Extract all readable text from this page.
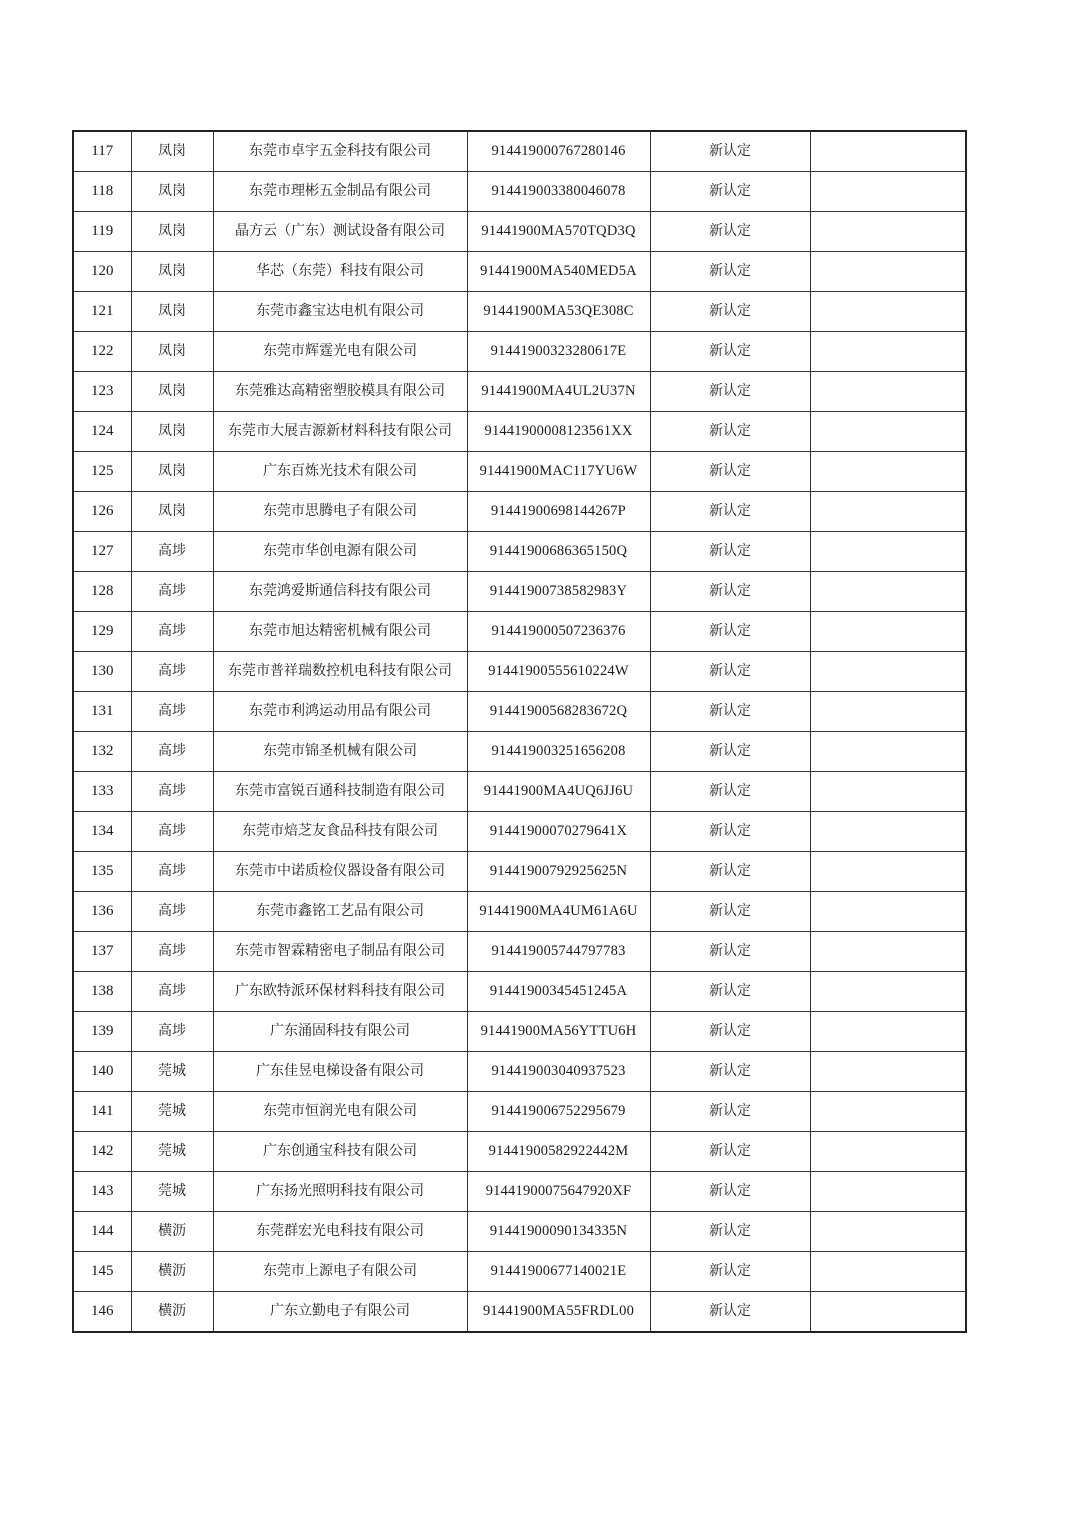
117	凤岗	东莞市卓宇五金科技有限公司	914419000767280146	新认定	
118	凤岗	东莞市理彬五金制品有限公司	914419003380046078	新认定	
119	凤岗	晶方云（广东）测试设备有限公司	91441900MA570TQD3Q	新认定	
120	凤岗	华芯（东莞）科技有限公司	91441900MA540MED5A	新认定	
121	凤岗	东莞市鑫宝达电机有限公司	91441900MA53QE308C	新认定	
122	凤岗	东莞市辉霆光电有限公司	91441900323280617E	新认定	
123	凤岗	东莞雅达高精密塑胶模具有限公司	91441900MA4UL2U37N	新认定	
124	凤岗	东莞市大展吉源新材料科技有限公司	91441900008123561XX	新认定	
125	凤岗	广东百炼光技术有限公司	91441900MAC117YU6W	新认定	
126	凤岗	东莞市思腾电子有限公司	91441900698144267P	新认定	
127	高埗	东莞市华创电源有限公司	91441900686365150Q	新认定	
128	高埗	东莞鸿爱斯通信科技有限公司	91441900738582983Y	新认定	
129	高埗	东莞市旭达精密机械有限公司	914419000507236376	新认定	
130	高埗	东莞市普祥瑞数控机电科技有限公司	91441900555610224W	新认定	
131	高埗	东莞市利鸿运动用品有限公司	91441900568283672Q	新认定	
132	高埗	东莞市锦圣机械有限公司	914419003251656208	新认定	
133	高埗	东莞市富锐百通科技制造有限公司	91441900MA4UQ6JJ6U	新认定	
134	高埗	东莞市焙芝友食品科技有限公司	91441900070279641X	新认定	
135	高埗	东莞市中诺质检仪器设备有限公司	91441900792925625N	新认定	
136	高埗	东莞市鑫铭工艺品有限公司	91441900MA4UM61A6U	新认定	
137	高埗	东莞市智霖精密电子制品有限公司	914419005744797783	新认定	
138	高埗	广东欧特派环保材料科技有限公司	91441900345451245A	新认定	
139	高埗	广东涌固科技有限公司	91441900MA56YTTU6H	新认定	
140	莞城	广东佳昱电梯设备有限公司	914419003040937523	新认定	
141	莞城	东莞市恒润光电有限公司	914419006752295679	新认定	
142	莞城	广东创通宝科技有限公司	91441900582922442M	新认定	
143	莞城	广东扬光照明科技有限公司	91441900075647920XF	新认定	
144	横沥	东莞群宏光电科技有限公司	91441900090134335N	新认定	
145	横沥	东莞市上源电子有限公司	91441900677140021E	新认定	
146	横沥	广东立勤电子有限公司	91441900MA55FRDL00	新认定	
